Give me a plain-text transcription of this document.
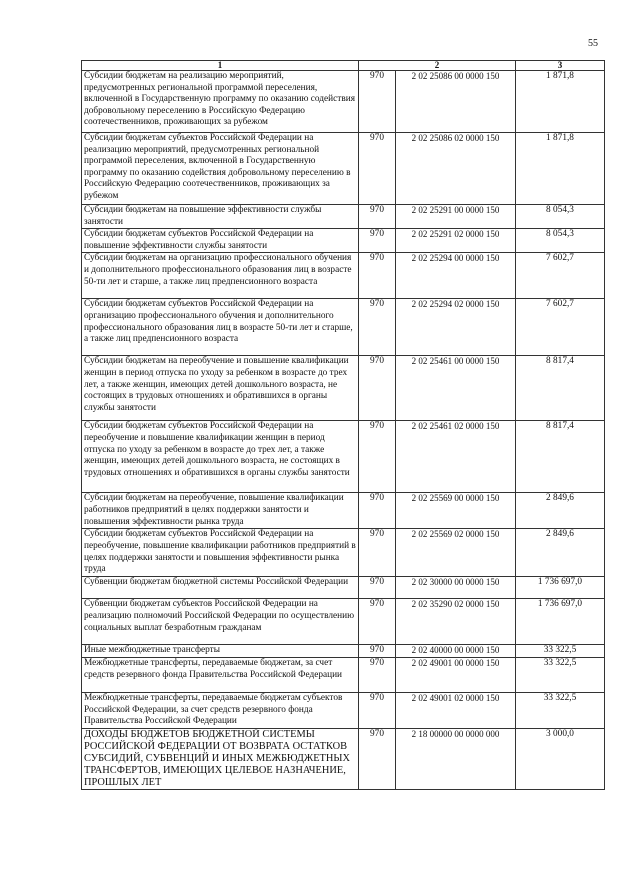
55
1	2		3
Субсидии бюджетам на реализацию мероприятий, предусмотренных региональной программой переселения, включенной в Государственную программу по оказанию содействия добровольному переселению в Российскую Федерацию соотечественников, проживающих за рубежом	970	2 02 25086 00 0000 150	1 871,8
Субсидии бюджетам субъектов Российской Федерации на реализацию мероприятий, предусмотренных региональной программой переселения, включенной в Государственную программу по оказанию содействия добровольному переселению в Российскую Федерацию соотечественников, проживающих за рубежом	970	2 02 25086 02 0000 150	1 871,8
Субсидии бюджетам на повышение эффективности службы занятости	970	2 02 25291 00 0000 150	8 054,3
Субсидии бюджетам субъектов Российской Федерации на повышение эффективности службы занятости	970	2 02 25291 02 0000 150	8 054,3
Субсидии бюджетам на организацию профессионального обучения и дополнительного профессионального образования лиц в возрасте 50-ти лет и старше, а также лиц предпенсионного возраста	970	2 02 25294 00 0000 150	7 602,7
Субсидии бюджетам субъектов Российской Федерации на организацию профессионального обучения и дополнительного профессионального образования лиц в возрасте 50-ти лет и старше, а также лиц предпенсионного возраста	970	2 02 25294 02 0000 150	7 602,7
Субсидии бюджетам на переобучение и повышение квалификации женщин в период отпуска по уходу за ребенком в возрасте до трех лет, а также женщин, имеющих детей дошкольного возраста, не состоящих в трудовых отношениях и обратившихся в органы службы занятости	970	2 02 25461 00 0000 150	8 817,4
Субсидии бюджетам субъектов Российской Федерации на переобучение и повышение квалификации женщин в период отпуска по уходу за ребенком в возрасте до трех лет, а также женщин, имеющих детей дошкольного возраста, не состоящих в трудовых отношениях и обратившихся в органы службы занятости	970	2 02 25461 02 0000 150	8 817,4
Субсидии бюджетам на переобучение, повышение квалификации работников предприятий в целях поддержки занятости и повышения эффективности рынка труда	970	2 02 25569 00 0000 150	2 849,6
Субсидии бюджетам субъектов Российской Федерации на переобучение, повышение квалификации работников предприятий в целях поддержки занятости и повышения эффективности рынка труда	970	2 02 25569 02 0000 150	2 849,6
Субвенции бюджетам бюджетной системы Российской Федерации	970	2 02 30000 00 0000 150	1 736 697,0
Субвенции бюджетам субъектов Российской Федерации на реализацию полномочий Российской Федерации по осуществлению социальных выплат безработным гражданам	970	2 02 35290 02 0000 150	1 736 697,0
Иные межбюджетные трансферты	970	2 02 40000 00 0000 150	33 322,5
Межбюджетные трансферты, передаваемые бюджетам, за счет средств резервного фонда Правительства Российской Федерации	970	2 02 49001 00 0000 150	33 322,5
Межбюджетные трансферты, передаваемые бюджетам субъектов Российской Федерации, за счет средств резервного фонда Правительства Российской Федерации	970	2 02 49001 02 0000 150	33 322,5
ДОХОДЫ БЮДЖЕТОВ БЮДЖЕТНОЙ СИСТЕМЫ РОССИЙСКОЙ ФЕДЕРАЦИИ ОТ ВОЗВРАТА ОСТАТКОВ СУБСИДИЙ, СУБВЕНЦИЙ И ИНЫХ МЕЖБЮДЖЕТНЫХ ТРАНСФЕРТОВ, ИМЕЮЩИХ ЦЕЛЕВОЕ НАЗНАЧЕНИЕ, ПРОШЛЫХ ЛЕТ	970	2 18 00000 00 0000 000	3 000,0
